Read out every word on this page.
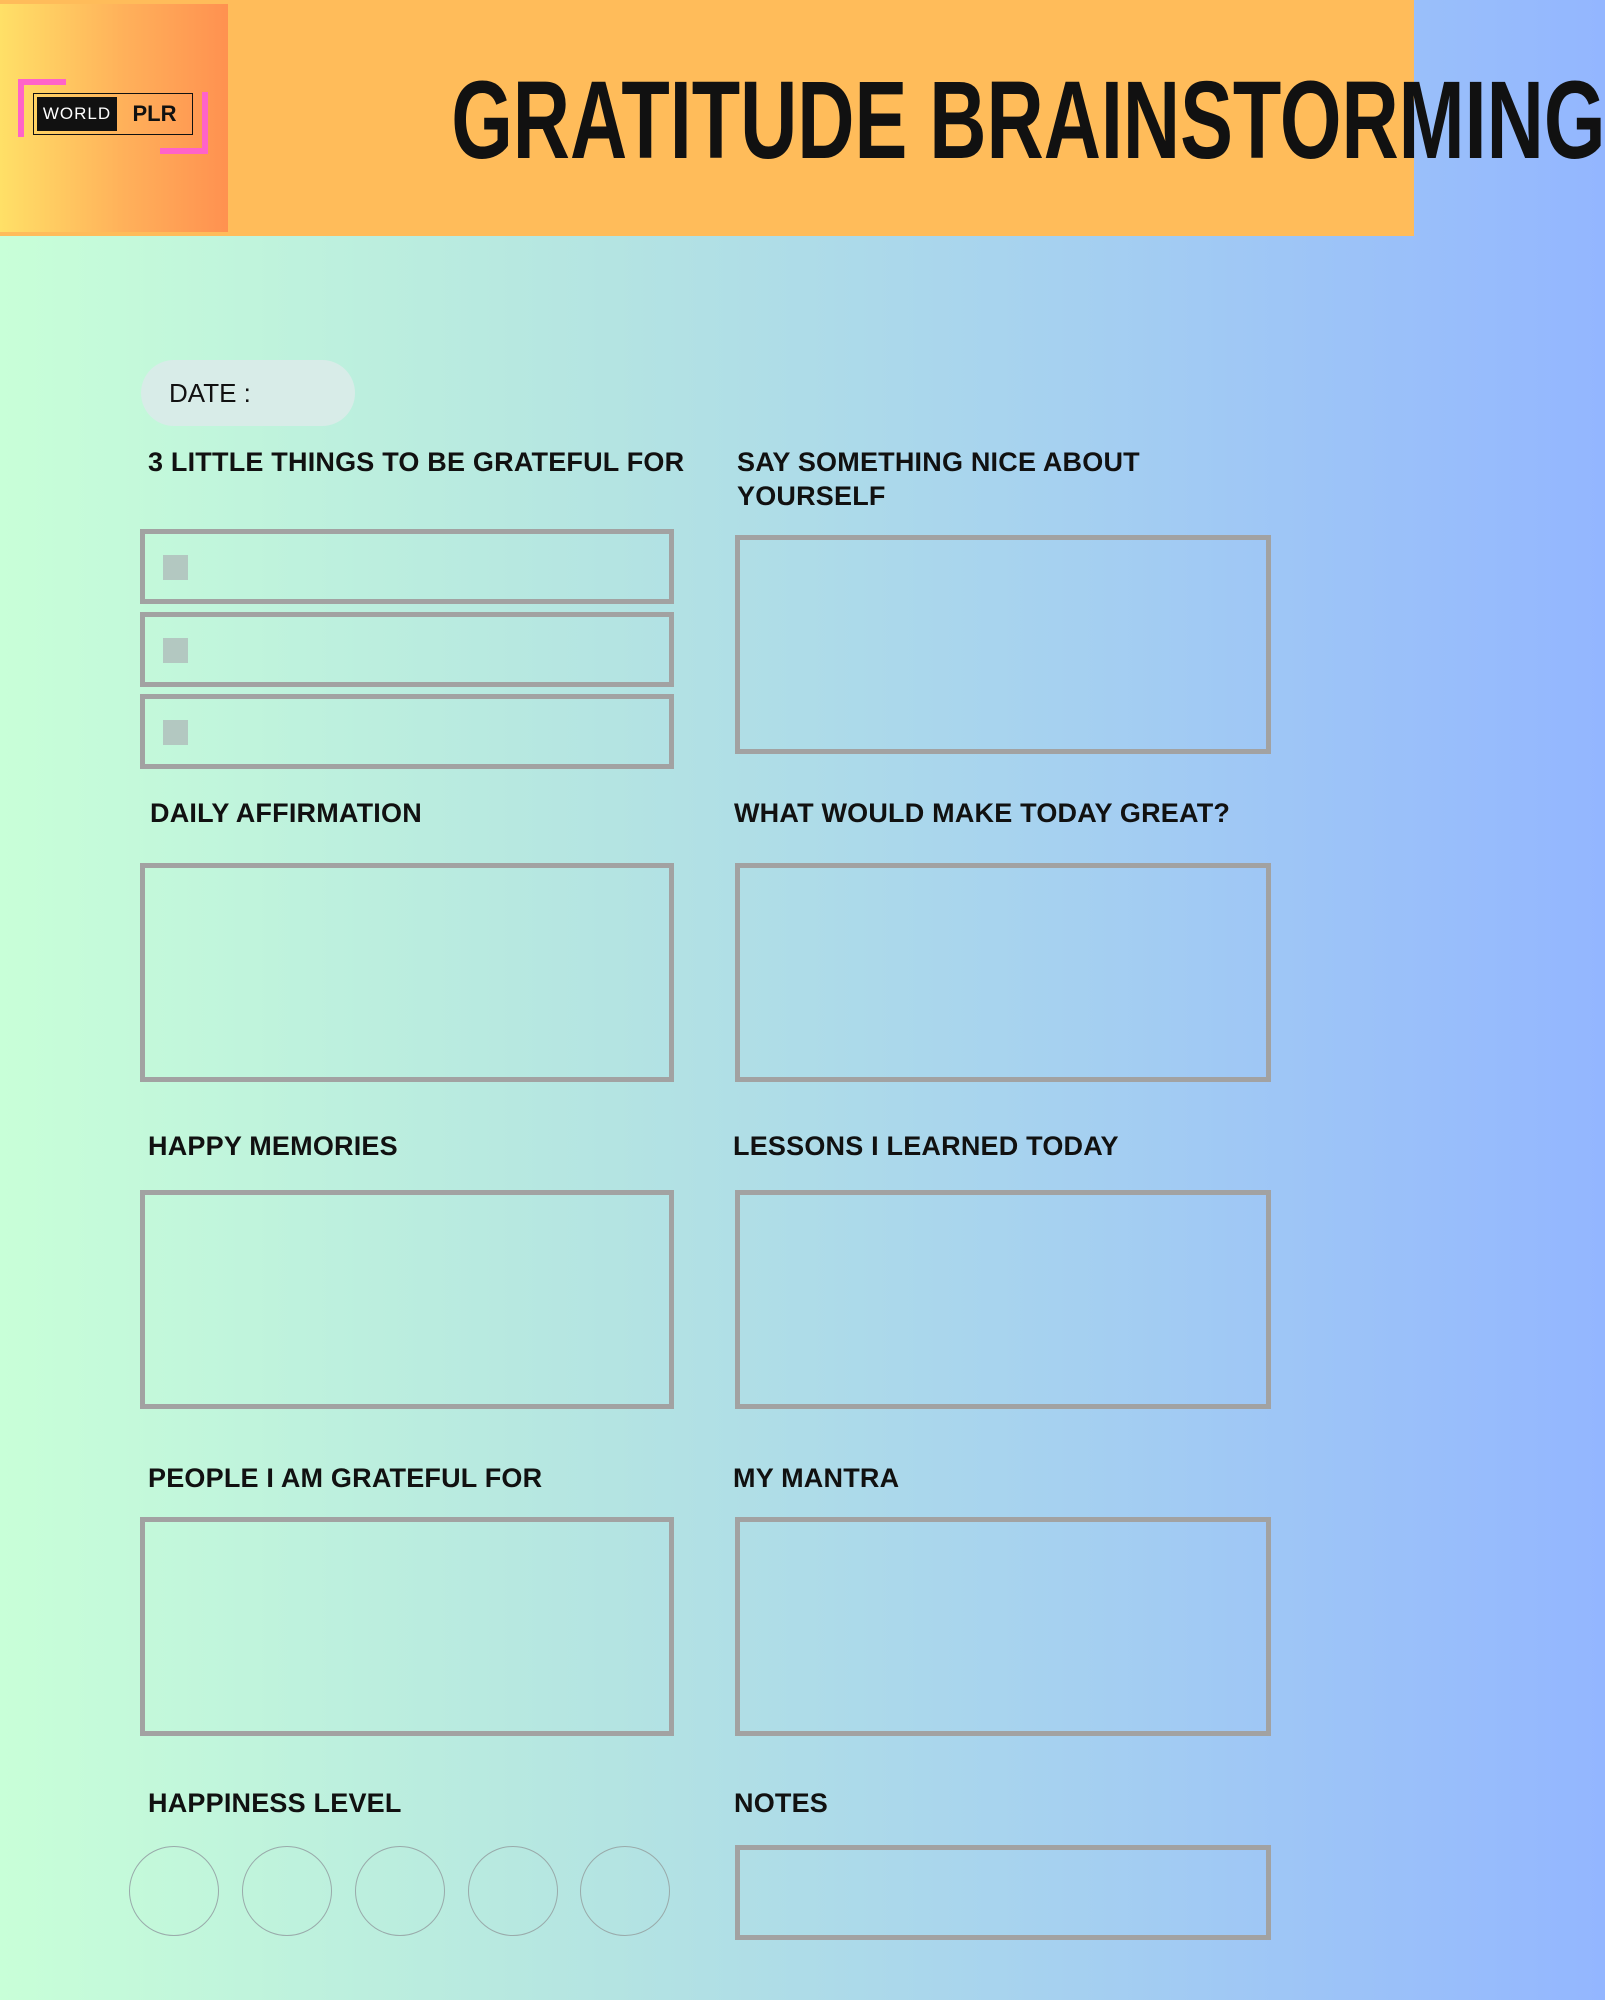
WORLD PLR GRATITUDE BRAINSTORMING
DATE :
3 LITTLE THINGS TO BE GRATEFUL FOR	SAY SOMETHING NICE ABOUT YOURSELF
DAILY AFFIRMATION	WHAT WOULD MAKE TODAY GREAT?
HAPPY MEMORIES	LESSONS I LEARNED TODAY
PEOPLE I AM GRATEFUL FOR	MY MANTRA
HAPPINESS LEVEL	NOTES
